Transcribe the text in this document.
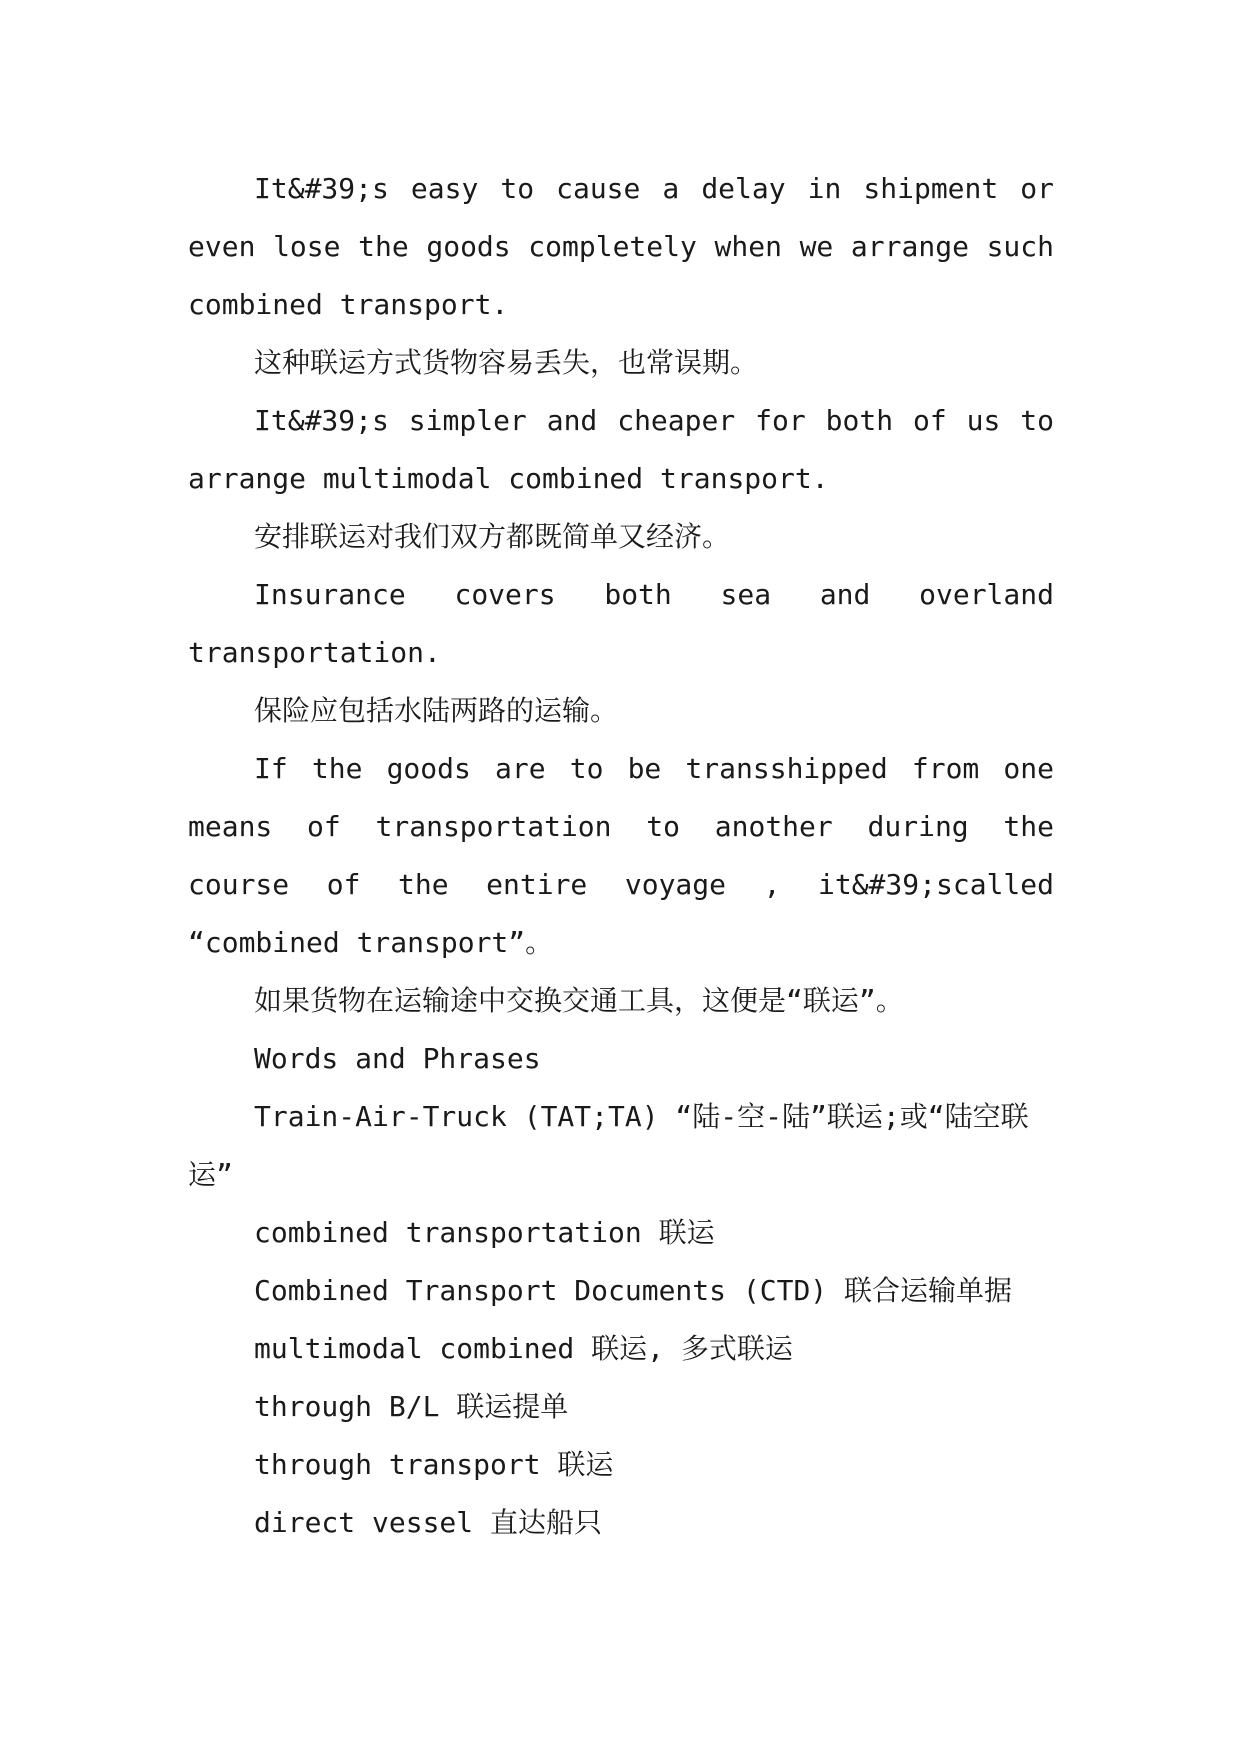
It&#39;s easy to cause a delay in shipment or even lose the goods completely when we arrange such combined transport.

这种联运方式货物容易丢失，也常误期。

It&#39;s simpler and cheaper for both of us to arrange multimodal combined transport.

安排联运对我们双方都既简单又经济。

Insurance covers both sea and overland transportation.

保险应包括水陆两路的运输。

If the goods are to be transshipped from one means of transportation to another during the course of the entire voyage , it&#39;scalled “combined transport”。

如果货物在运输途中交换交通工具，这便是“联运”。

Words and Phrases

Train-Air-Truck (TAT;TA) “陆-空-陆”联运;或“陆空联运”

combined transportation 联运

Combined Transport Documents (CTD) 联合运输单据

multimodal combined 联运, 多式联运

through B/L 联运提单

through transport 联运

direct vessel 直达船只
